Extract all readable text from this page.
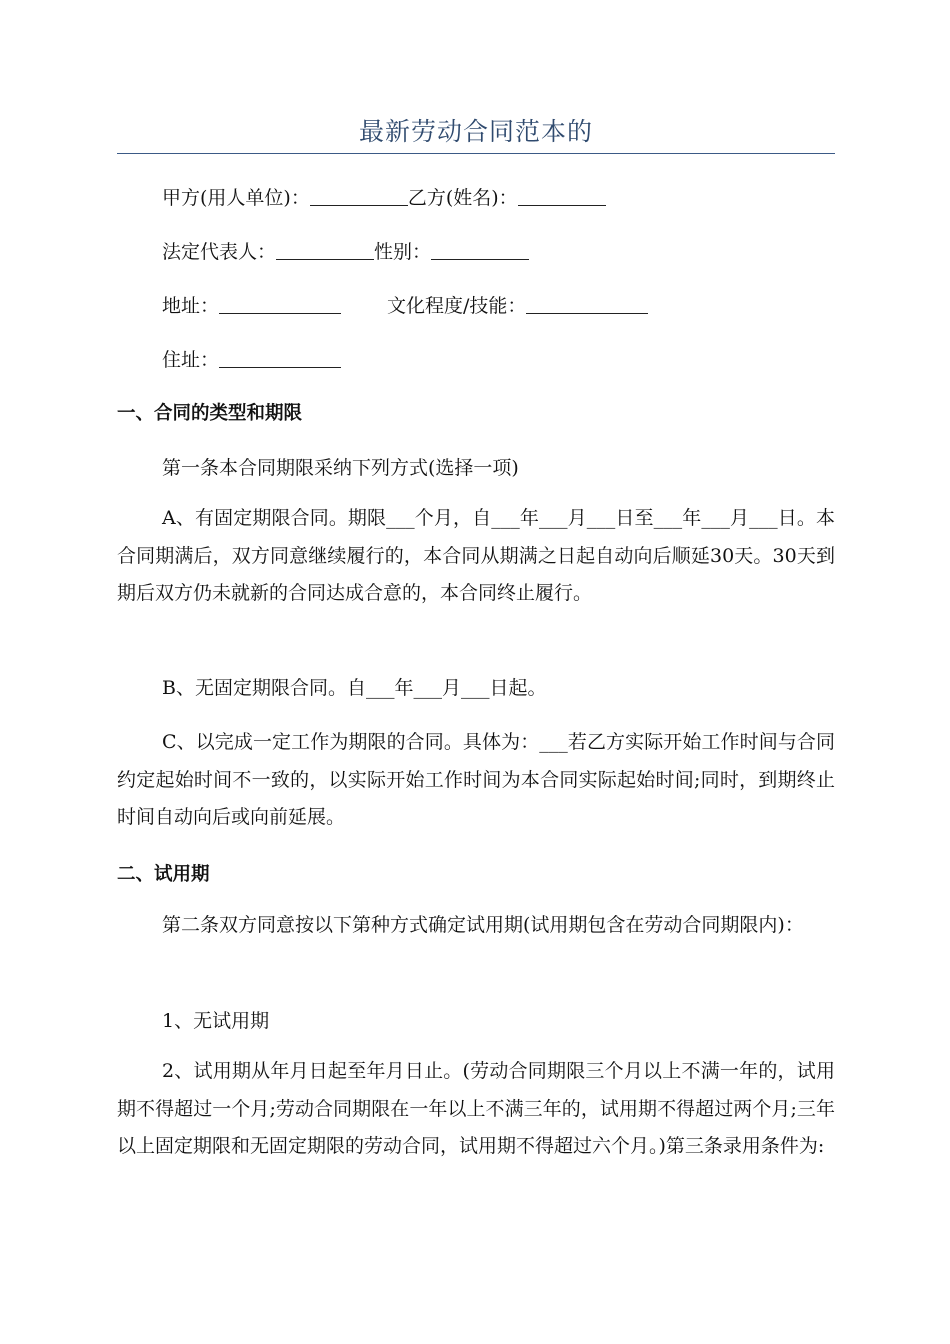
最新劳动合同范本的
甲方(用人单位)：	乙方(姓名)：
法定代表人：	性别：
地址：	文化程度/技能：
住址：
一、合同的类型和期限
第一条本合同期限采纳下列方式(选择一项)
A、有固定期限合同。期限___个月，自___年___月___日至___年___月___日。本合同期满后，双方同意继续履行的，本合同从期满之日起自动向后顺延30天。30天到期后双方仍未就新的合同达成合意的，本合同终止履行。
B、无固定期限合同。自___年___月___日起。
C、以完成一定工作为期限的合同。具体为：___若乙方实际开始工作时间与合同约定起始时间不一致的，以实际开始工作时间为本合同实际起始时间;同时，到期终止时间自动向后或向前延展。
二、试用期
第二条双方同意按以下第种方式确定试用期(试用期包含在劳动合同期限内)：
1、无试用期
2、试用期从年月日起至年月日止。(劳动合同期限三个月以上不满一年的，试用期不得超过一个月;劳动合同期限在一年以上不满三年的，试用期不得超过两个月;三年以上固定期限和无固定期限的劳动合同，试用期不得超过六个月。)第三条录用条件为:
